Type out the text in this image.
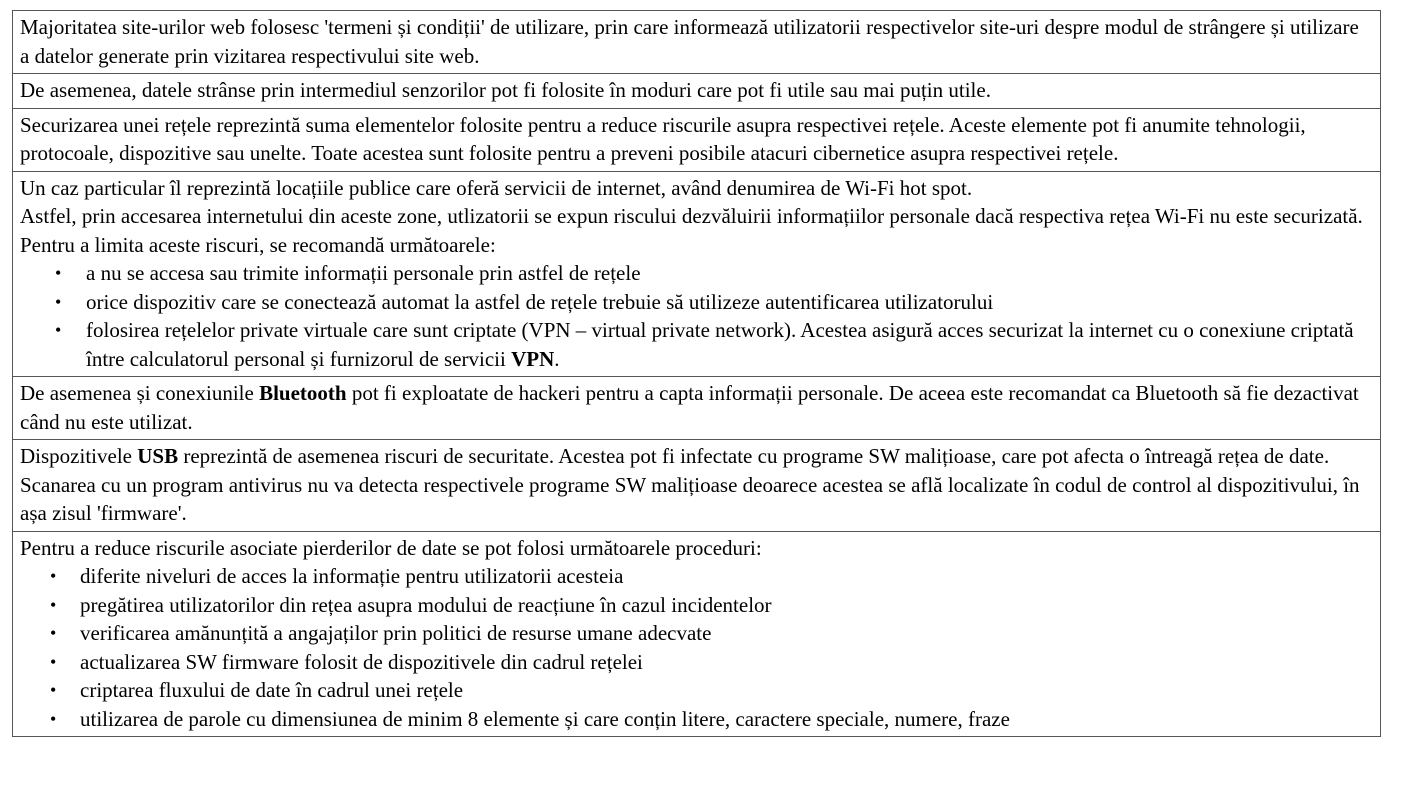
Majoritatea site-urilor web folosesc 'termeni și condiții' de utilizare, prin care informează utilizatorii respectivelor site-uri despre modul de strângere și utilizare a datelor generate prin vizitarea respectivului site web.

De asemenea, datele strânse prin intermediul senzorilor pot fi folosite în moduri care pot fi utile sau mai puțin utile.

Securizarea unei rețele reprezintă suma elementelor folosite pentru a reduce riscurile asupra respectivei rețele. Aceste elemente pot fi anumite tehnologii, protocoale, dispozitive sau unelte. Toate acestea sunt folosite pentru a preveni posibile atacuri cibernetice asupra respectivei rețele.

Un caz particular îl reprezintă locațiile publice care oferă servicii de internet, având denumirea de Wi-Fi hot spot.
Astfel, prin accesarea internetului din aceste zone, utlizatorii se expun riscului dezvăluirii informațiilor personale dacă respectiva rețea Wi-Fi nu este securizată. Pentru a limita aceste riscuri, se recomandă următoarele:
• a nu se accesa sau trimite informații personale prin astfel de rețele
• orice dispozitiv care se conectează automat la astfel de rețele trebuie să utilizeze autentificarea utilizatorului
• folosirea rețelelor private virtuale care sunt criptate (VPN – virtual private network). Acestea asigură acces securizat la internet cu o conexiune criptată între calculatorul personal și furnizorul de servicii VPN.

De asemenea și conexiunile Bluetooth pot fi exploatate de hackeri pentru a capta informații personale. De aceea este recomandat ca Bluetooth să fie dezactivat când nu este utilizat.

Dispozitivele USB reprezintă de asemenea riscuri de securitate. Acestea pot fi infectate cu programe SW malițioase, care pot afecta o întreagă rețea de date. Scanarea cu un program antivirus nu va detecta respectivele programe SW malițioase deoarece acestea se află localizate în codul de control al dispozitivului, în așa zisul 'firmware'.

Pentru a reduce riscurile asociate pierderilor de date se pot folosi următoarele proceduri:
• diferite niveluri de acces la informație pentru utilizatorii acesteia
• pregătirea utilizatorilor din rețea asupra modului de reacțiune în cazul incidentelor
• verificarea amănunțită a angajaților prin politici de resurse umane adecvate
• actualizarea SW firmware folosit de dispozitivele din cadrul rețelei
• criptarea fluxului de date în cadrul unei rețele
• utilizarea de parole cu dimensiunea de minim 8 elemente și care conțin litere, caractere speciale, numere, fraze
